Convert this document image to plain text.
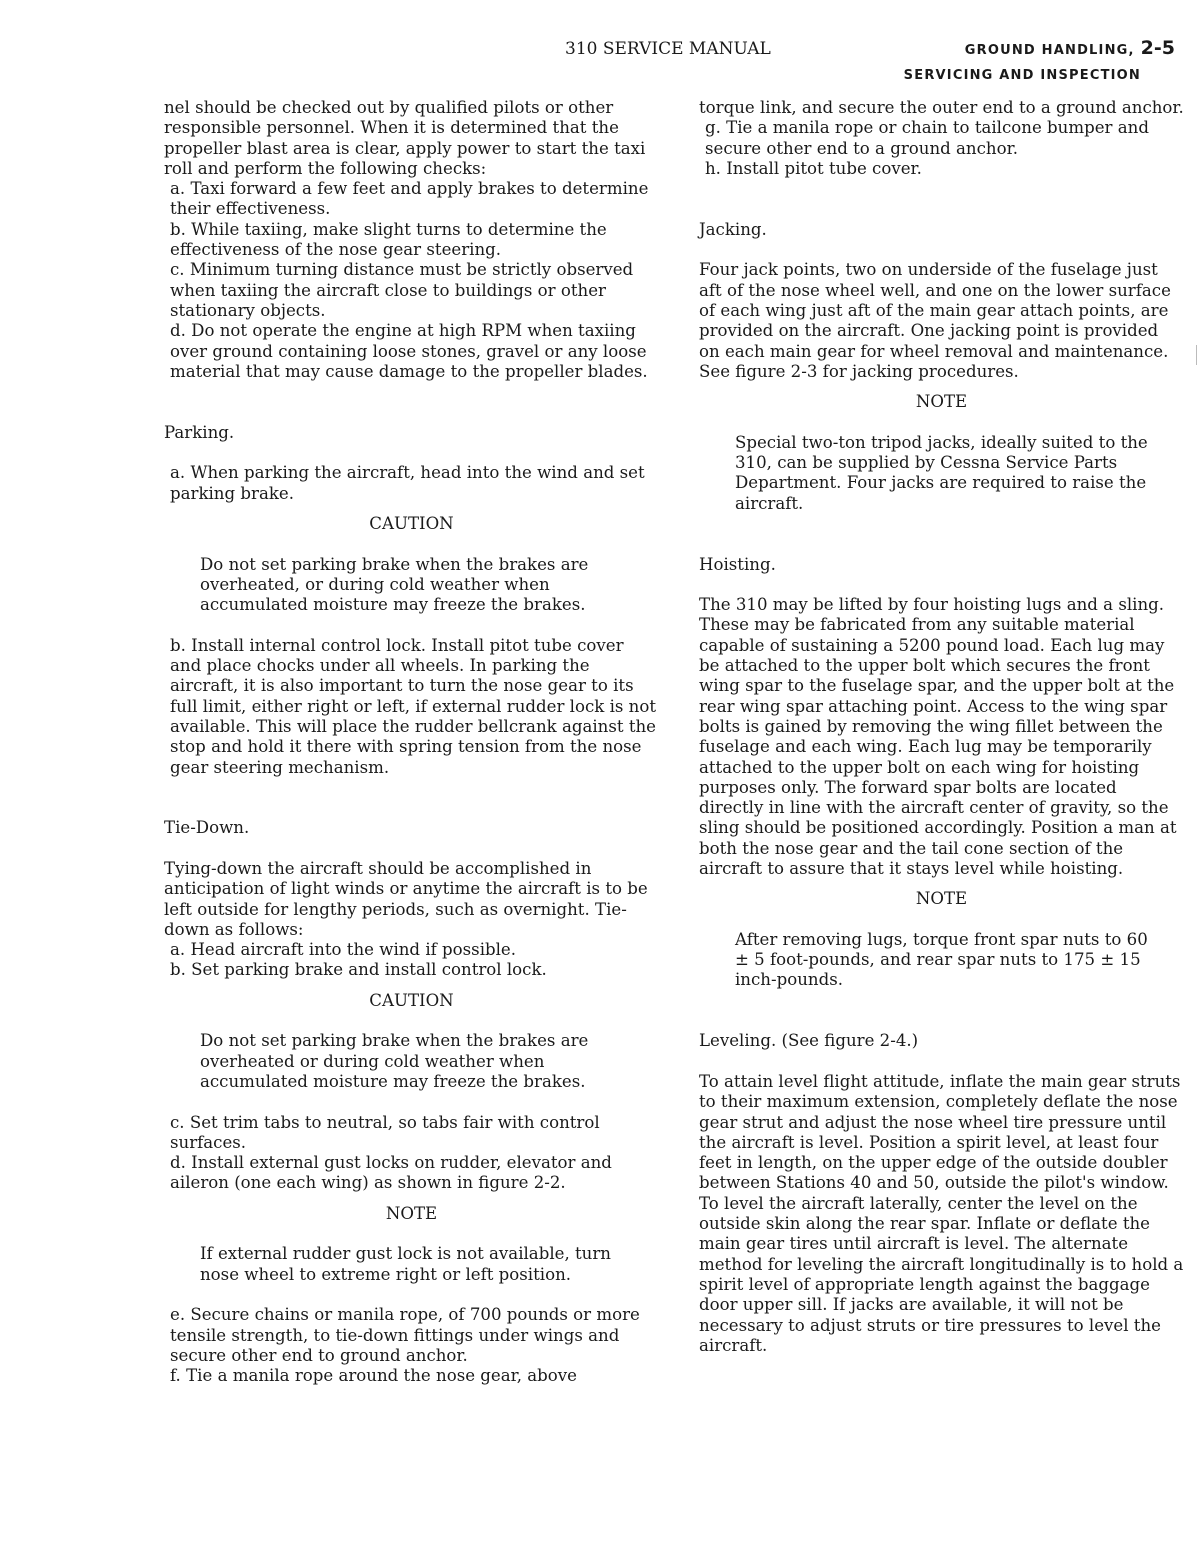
310 SERVICE MANUAL	GROUND HANDLING, 2-5
SERVICING AND INSPECTION

nel should be checked out by qualified pilots or other responsible personnel. When it is determined that the propeller blast area is clear, apply power to start the taxi roll and perform the following checks:

a. Taxi forward a few feet and apply brakes to determine their effectiveness.

b. While taxiing, make slight turns to determine the effectiveness of the nose gear steering.

c. Minimum turning distance must be strictly observed when taxiing the aircraft close to buildings or other stationary objects.

d. Do not operate the engine at high RPM when taxiing over ground containing loose stones, gravel or any loose material that may cause damage to the propeller blades.

Parking.

a. When parking the aircraft, head into the wind and set parking brake.

CAUTION

Do not set parking brake when the brakes are overheated, or during cold weather when accumulated moisture may freeze the brakes.

b. Install internal control lock. Install pitot tube cover and place chocks under all wheels. In parking the aircraft, it is also important to turn the nose gear to its full limit, either right or left, if external rudder lock is not available. This will place the rudder bellcrank against the stop and hold it there with spring tension from the nose gear steering mechanism.

Tie-Down.

Tying-down the aircraft should be accomplished in anticipation of light winds or anytime the aircraft is to be left outside for lengthy periods, such as overnight. Tie-down as follows:

a. Head aircraft into the wind if possible.

b. Set parking brake and install control lock.

CAUTION

Do not set parking brake when the brakes are overheated or during cold weather when accumulated moisture may freeze the brakes.

c. Set trim tabs to neutral, so tabs fair with control surfaces.

d. Install external gust locks on rudder, elevator and aileron (one each wing) as shown in figure 2-2.

NOTE

If external rudder gust lock is not available, turn nose wheel to extreme right or left position.

e. Secure chains or manila rope, of 700 pounds or more tensile strength, to tie-down fittings under wings and secure other end to ground anchor.

f. Tie a manila rope around the nose gear, above

torque link, and secure the outer end to a ground anchor.

g. Tie a manila rope or chain to tailcone bumper and secure other end to a ground anchor.

h. Install pitot tube cover.

Jacking.

Four jack points, two on underside of the fuselage just aft of the nose wheel well, and one on the lower surface of each wing just aft of the main gear attach points, are provided on the aircraft. One jacking point is provided on each main gear for wheel removal and maintenance. See figure 2-3 for jacking procedures.

NOTE

Special two-ton tripod jacks, ideally suited to the 310, can be supplied by Cessna Service Parts Department. Four jacks are required to raise the aircraft.

Hoisting.

The 310 may be lifted by four hoisting lugs and a sling. These may be fabricated from any suitable material capable of sustaining a 5200 pound load. Each lug may be attached to the upper bolt which secures the front wing spar to the fuselage spar, and the upper bolt at the rear wing spar attaching point. Access to the wing spar bolts is gained by removing the wing fillet between the fuselage and each wing. Each lug may be temporarily attached to the upper bolt on each wing for hoisting purposes only. The forward spar bolts are located directly in line with the aircraft center of gravity, so the sling should be positioned accordingly. Position a man at both the nose gear and the tail cone section of the aircraft to assure that it stays level while hoisting.

NOTE

After removing lugs, torque front spar nuts to 60 ± 5 foot-pounds, and rear spar nuts to 175 ± 15 inch-pounds.

Leveling. (See figure 2-4.)

To attain level flight attitude, inflate the main gear struts to their maximum extension, completely deflate the nose gear strut and adjust the nose wheel tire pressure until the aircraft is level. Position a spirit level, at least four feet in length, on the upper edge of the outside doubler between Stations 40 and 50, outside the pilot's window. To level the aircraft laterally, center the level on the outside skin along the rear spar. Inflate or deflate the main gear tires until aircraft is level. The alternate method for leveling the aircraft longitudinally is to hold a spirit level of appropriate length against the baggage door upper sill. If jacks are available, it will not be necessary to adjust struts or tire pressures to level the aircraft.
